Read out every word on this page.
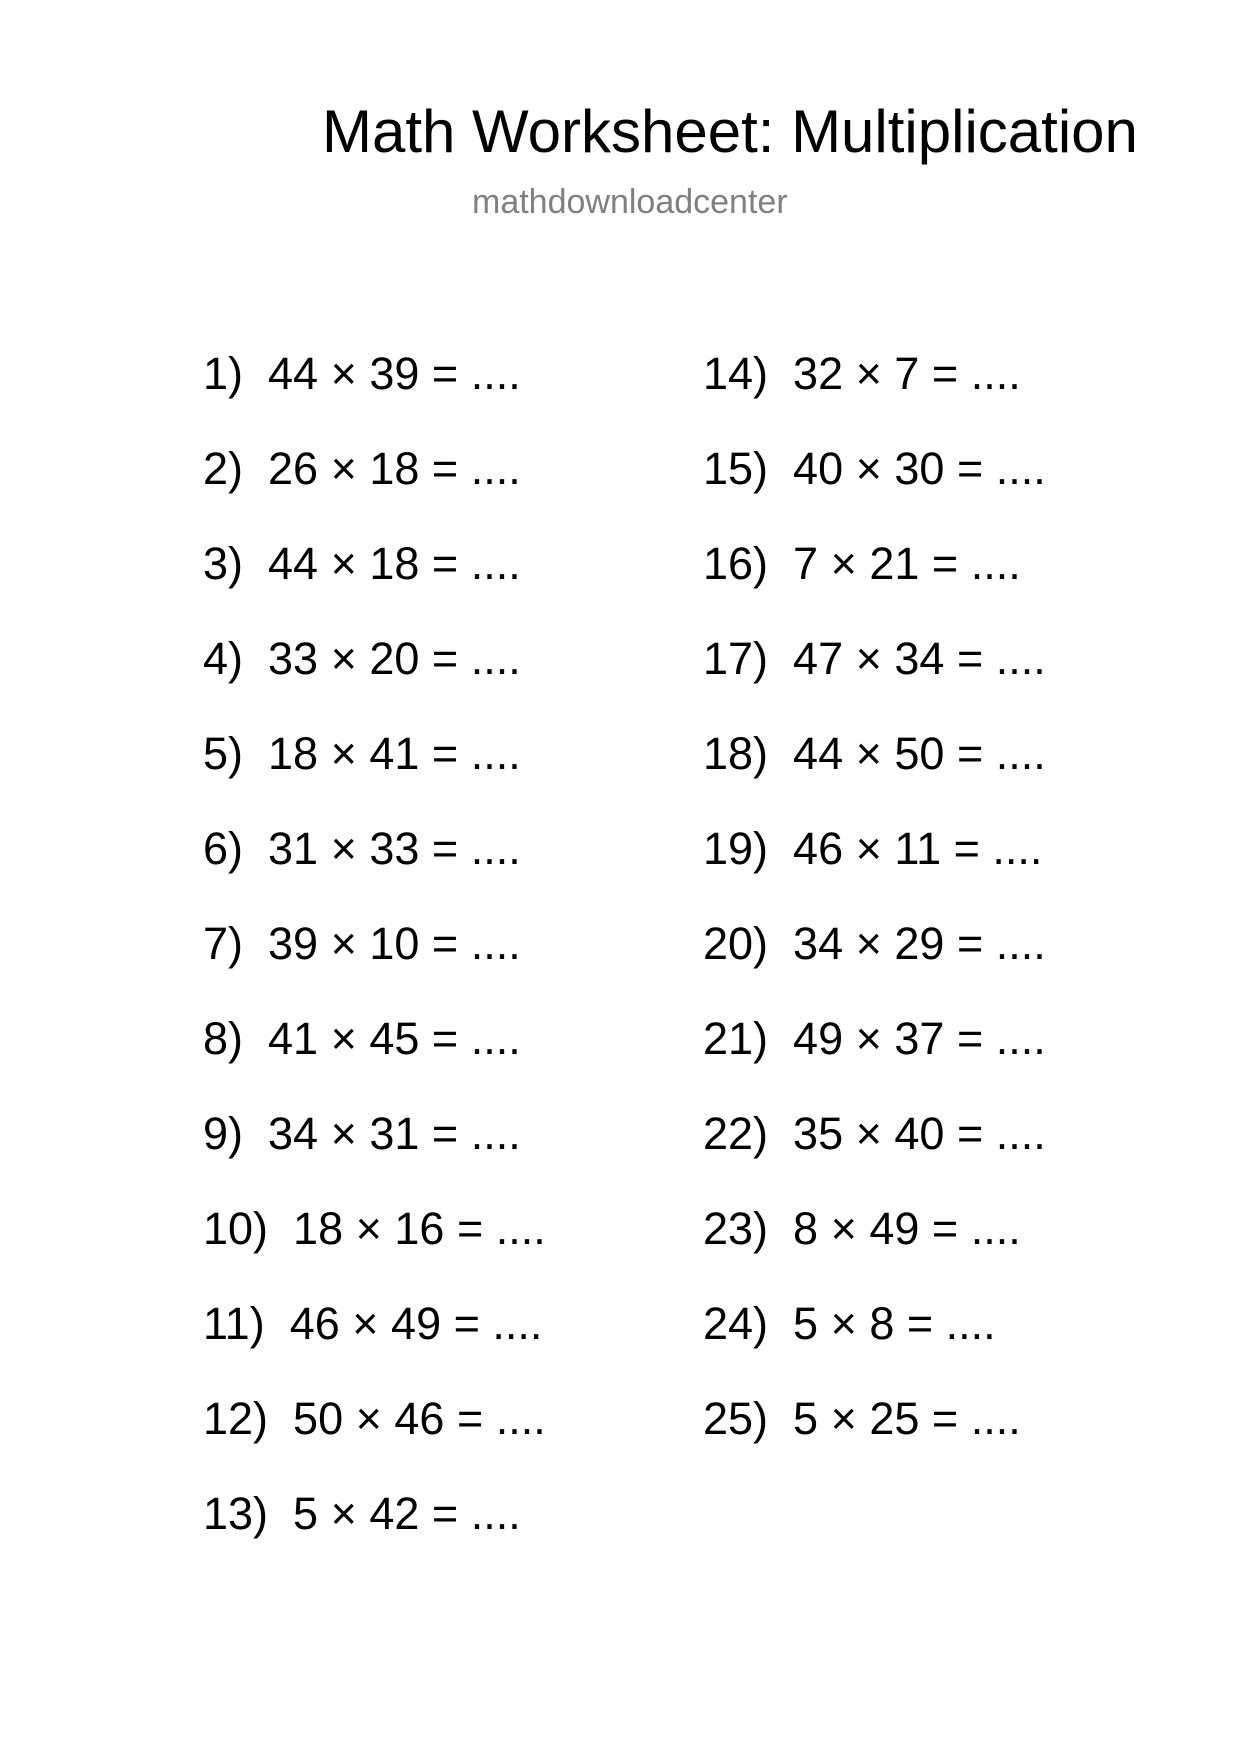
Math Worksheet: Multiplication
mathdownloadcenter
1)  44 × 39 = ....
2)  26 × 18 = ....
3)  44 × 18 = ....
4)  33 × 20 = ....
5)  18 × 41 = ....
6)  31 × 33 = ....
7)  39 × 10 = ....
8)  41 × 45 = ....
9)  34 × 31 = ....
10)  18 × 16 = ....
11)  46 × 49 = ....
12)  50 × 46 = ....
13)  5 × 42 = ....
14)  32 × 7 = ....
15)  40 × 30 = ....
16)  7 × 21 = ....
17)  47 × 34 = ....
18)  44 × 50 = ....
19)  46 × 11 = ....
20)  34 × 29 = ....
21)  49 × 37 = ....
22)  35 × 40 = ....
23)  8 × 49 = ....
24)  5 × 8 = ....
25)  5 × 25 = ....
